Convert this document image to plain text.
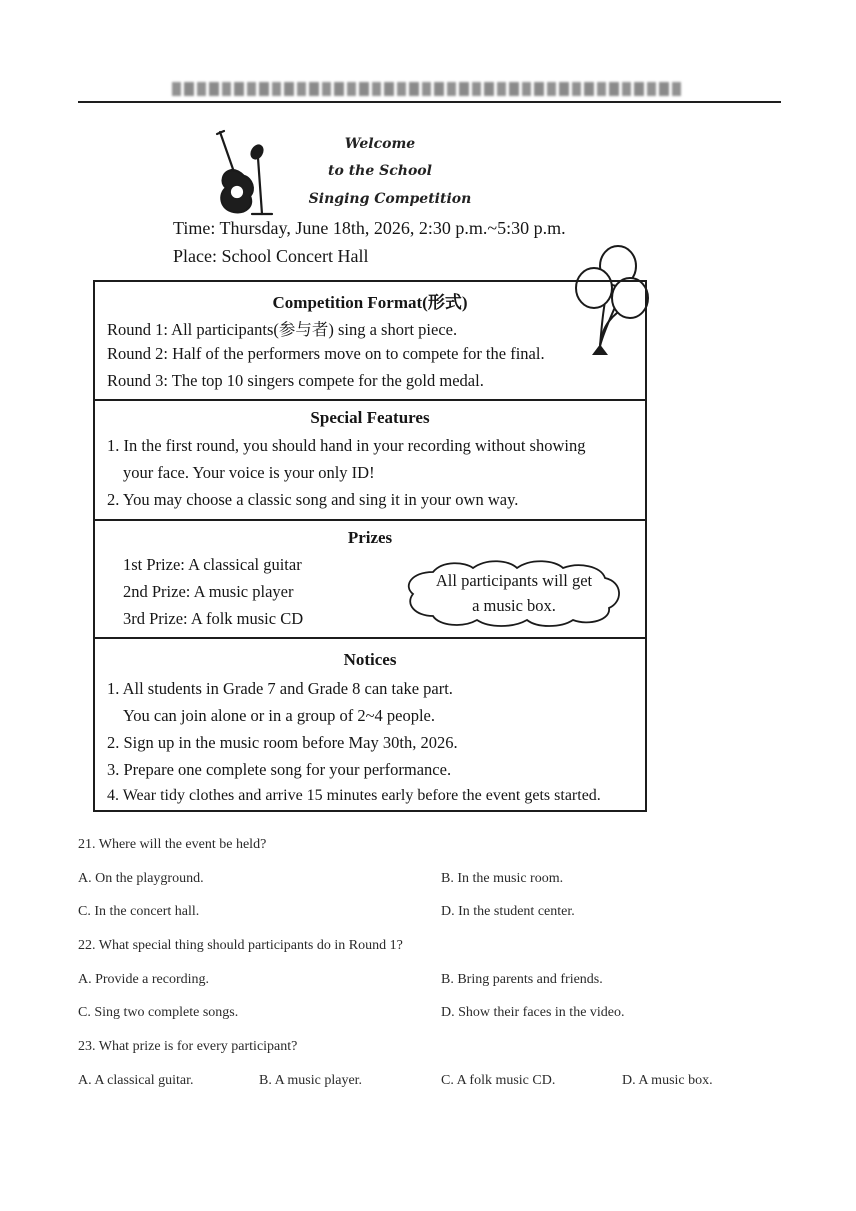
Welcome
to the School
Singing Competition
Time: Thursday, June 18th, 2026, 2:30 p.m.~5:30 p.m.
Place: School Concert Hall
Competition Format(形式)
Round 1: All participants(参与者) sing a short piece.
Round 2: Half of the performers move on to compete for the final.
Round 3: The top 10 singers compete for the gold medal.
Special Features
1. In the first round, you should hand in your recording without showing
your face. Your voice is your only ID!
2. You may choose a classic song and sing it in your own way.
Prizes
1st Prize: A classical guitar
2nd Prize: A music player
3rd Prize: A folk music CD
All participants will get
a music box.
Notices
1. All students in Grade 7 and Grade 8 can take part.
You can join alone or in a group of 2~4 people.
2. Sign up in the music room before May 30th, 2026.
3. Prepare one complete song for your performance.
4. Wear tidy clothes and arrive 15 minutes early before the event gets started.
21. Where will the event be held?
A. On the playground.	B. In the music room.
C. In the concert hall.	D. In the student center.
22. What special thing should participants do in Round 1?
A. Provide a recording.	B. Bring parents and friends.
C. Sing two complete songs.	D. Show their faces in the video.
23. What prize is for every participant?
A. A classical guitar.	B. A music player.	C. A folk music CD.	D. A music box.
